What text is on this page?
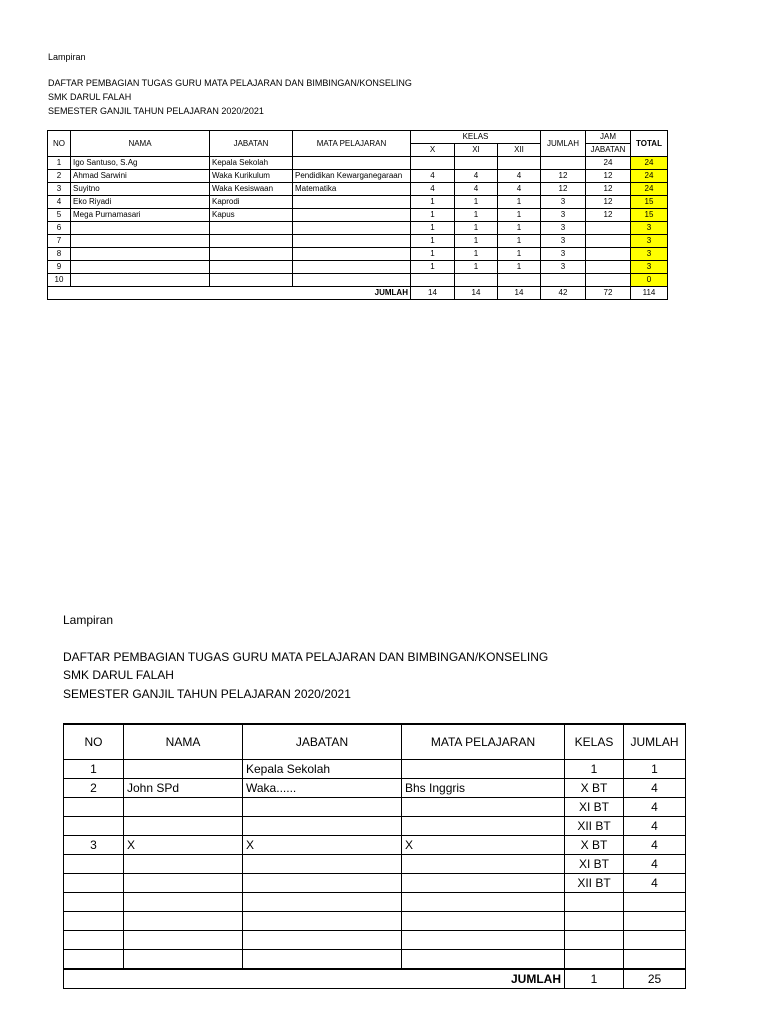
Lampiran
DAFTAR PEMBAGIAN TUGAS GURU MATA PELAJARAN DAN BIMBINGAN/KONSELING
SMK DARUL FALAH
SEMESTER GANJIL TAHUN PELAJARAN 2020/2021
NO	NAMA	JABATAN	MATA PELAJARAN	KELAS			JUMLAH	JAM	TOTAL
				X	XI	XII		JABATAN	
1	Igo Santuso, S.Ag	Kepala Sekolah						24	24
2	Ahmad Sarwini	Waka Kurikulum	Pendidikan Kewarganegaraan	4	4	4	12	12	24
3	Suyitno	Waka Kesiswaan	Matematika	4	4	4	12	12	24
4	Eko Riyadi	Kaprodi		1	1	1	3	12	15
5	Mega Purnamasari	Kapus		1	1	1	3	12	15
6				1	1	1	3		3
7				1	1	1	3		3
8				1	1	1	3		3
9				1	1	1	3		3
10									0
JUMLAH				14	14	14	42	72	114
Lampiran
DAFTAR PEMBAGIAN TUGAS GURU MATA PELAJARAN DAN BIMBINGAN/KONSELING
SMK DARUL FALAH
SEMESTER GANJIL TAHUN PELAJARAN 2020/2021
NO	NAMA	JABATAN	MATA PELAJARAN	KELAS	JUMLAH
1		Kepala Sekolah		1	1
2	John SPd	Waka......	Bhs Inggris	X BT	4
				XI BT	4
				XII BT	4
3	X	X	X	X BT	4
				XI BT	4
				XII BT	4

JUMLAH				1	25
